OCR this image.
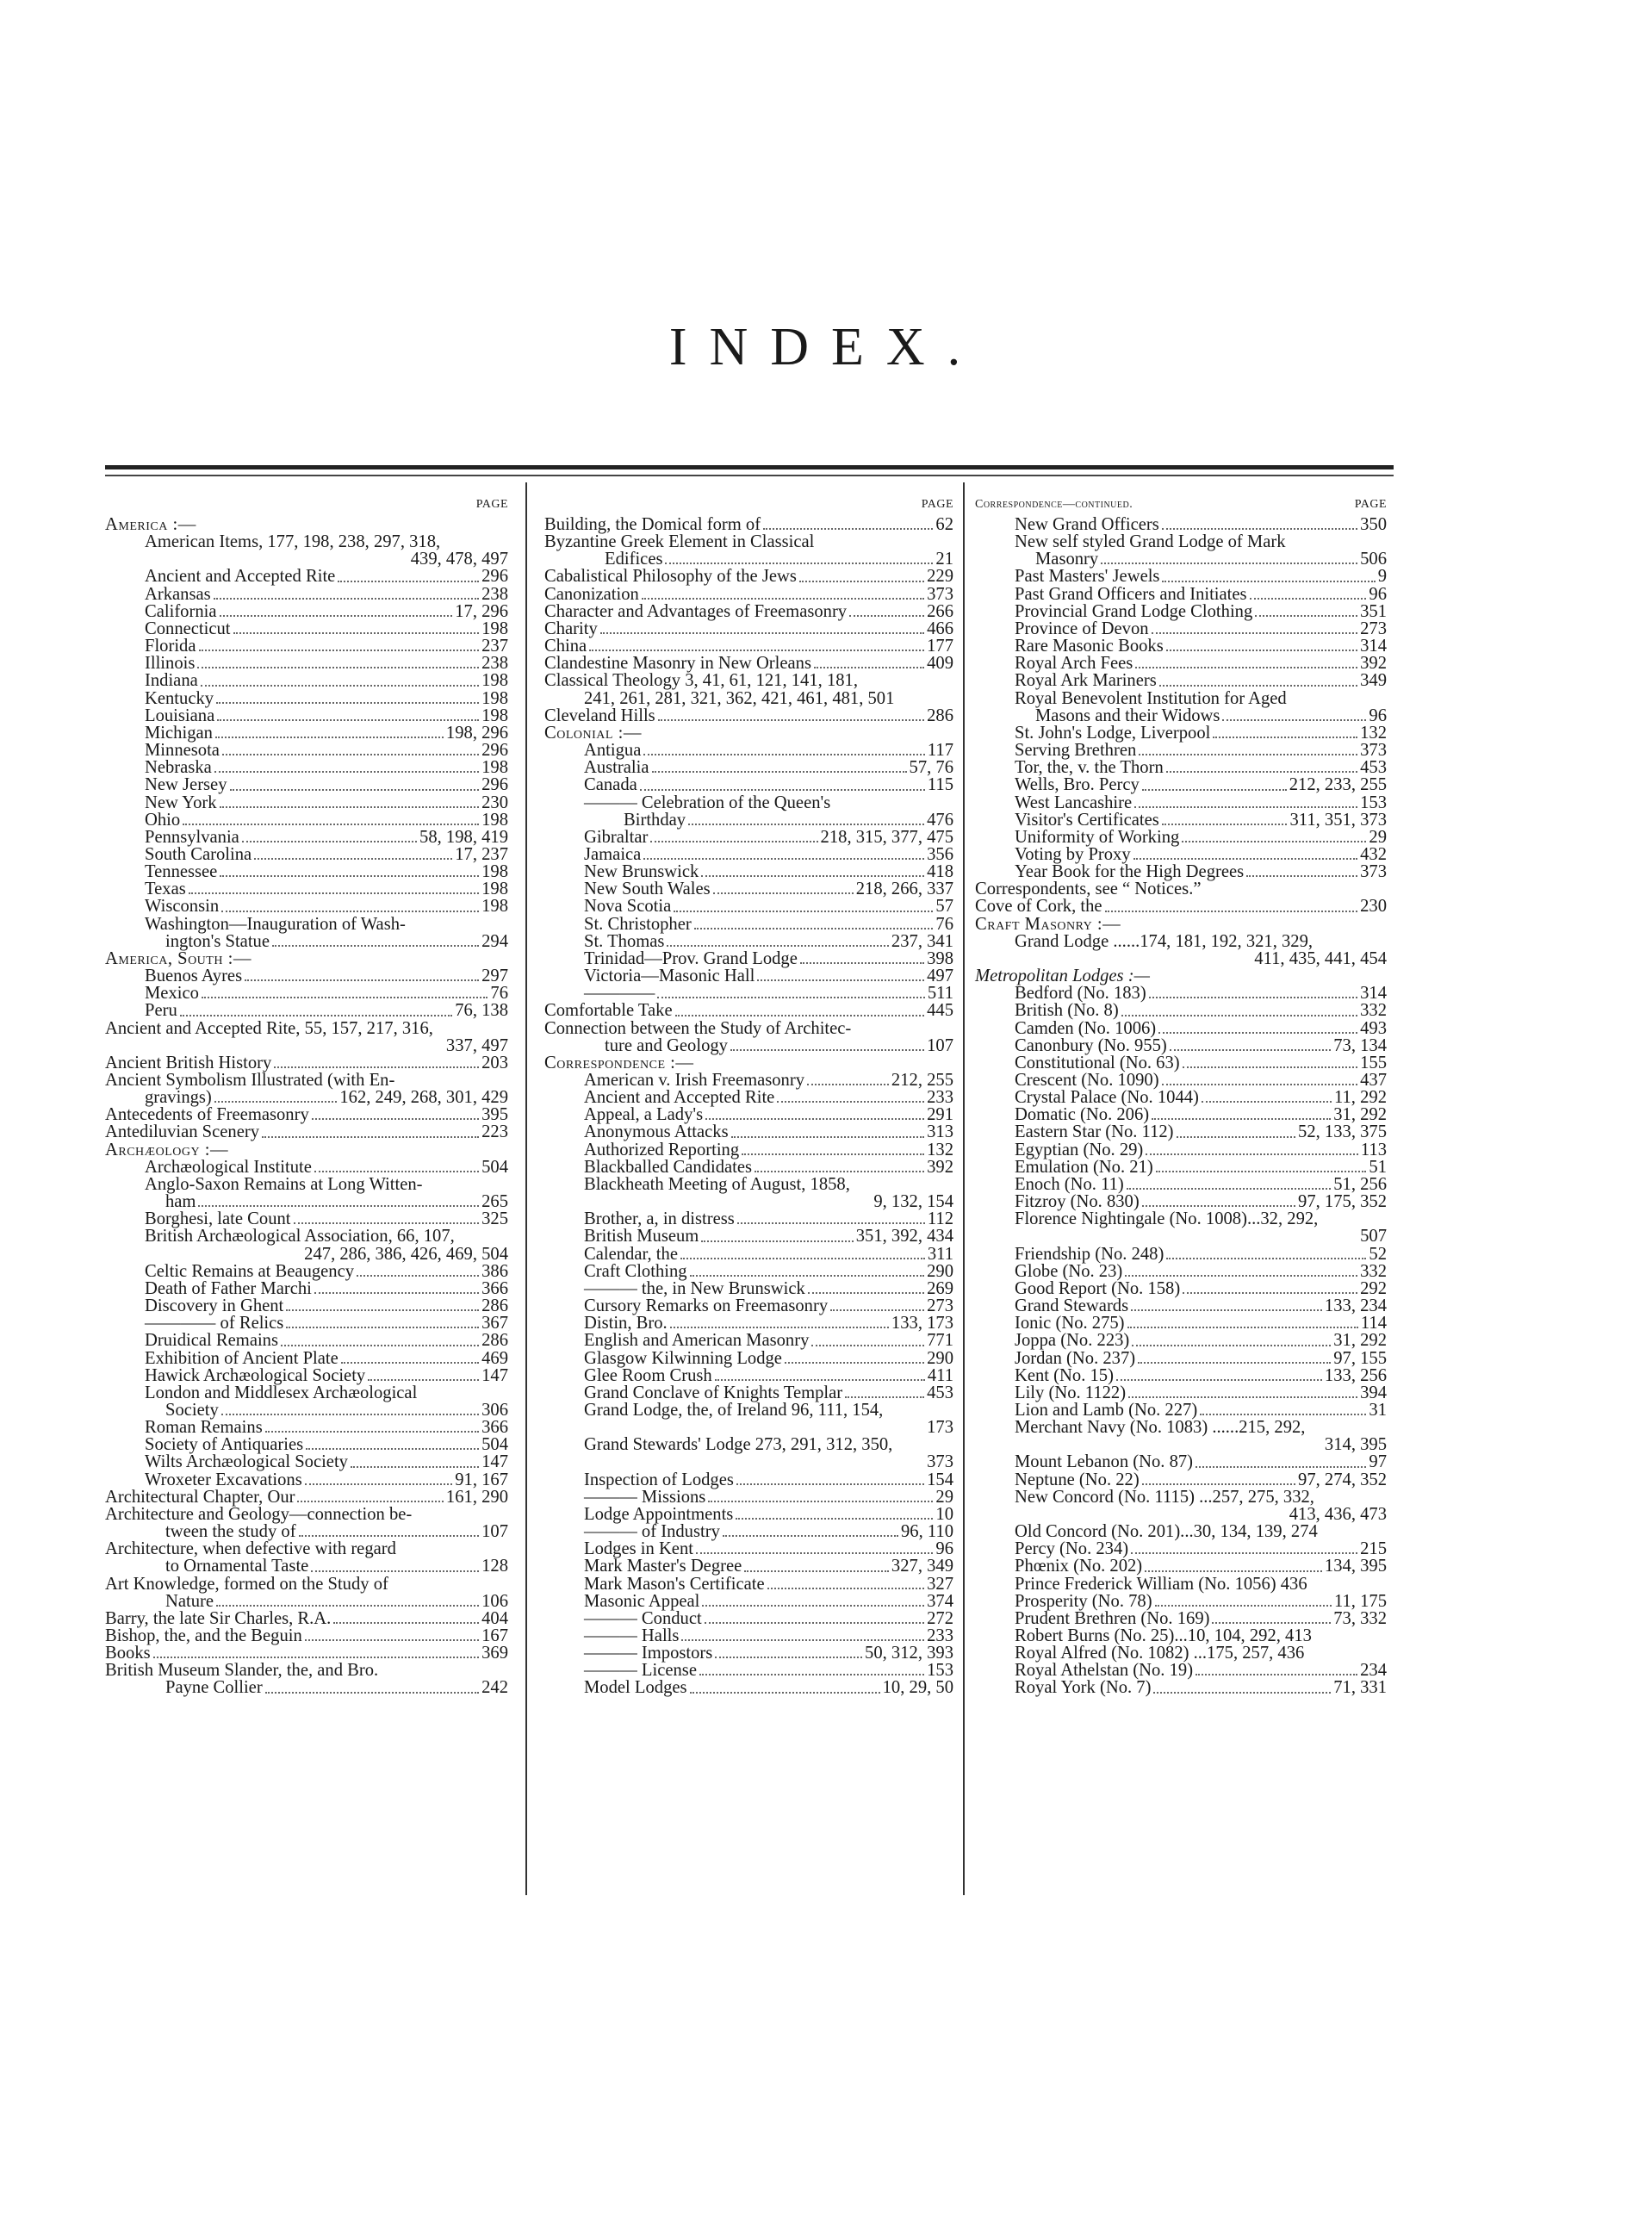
INDEX.
PAGE
America :—
American Items, 177, 198, 238, 297, 318,
439, 478, 497
Ancient and Accepted Rite	296
Arkansas	238
California	17, 296
Connecticut	198
Florida	237
Illinois	238
Indiana	198
Kentucky	198
Louisiana	198
Michigan	198, 296
Minnesota	296
Nebraska	198
New Jersey	296
New York	230
Ohio	198
Pennsylvania	58, 198, 419
South Carolina	17, 237
Tennessee	198
Texas	198
Wisconsin	198
Washington—Inauguration of Wash-
ington's Statue	294
America, South :—
Buenos Ayres	297
Mexico	76
Peru	76, 138
Ancient and Accepted Rite, 55, 157, 217, 316,
337, 497
Ancient British History	203
Ancient Symbolism Illustrated (with En-
gravings)	162, 249, 268, 301, 429
Antecedents of Freemasonry	395
Antediluvian Scenery	223
Archæology :—
Archæological Institute	504
Anglo-Saxon Remains at Long Witten-
ham	265
Borghesi, late Count	325
British Archæological Association, 66, 107,
247, 286, 386, 426, 469, 504
Celtic Remains at Beaugency	386
Death of Father Marchi	366
Discovery in Ghent	286
———— of Relics	367
Druidical Remains	286
Exhibition of Ancient Plate	469
Hawick Archæological Society	147
London and Middlesex Archæological
Society	306
Roman Remains	366
Society of Antiquaries	504
Wilts Archæological Society	147
Wroxeter Excavations	91, 167
Architectural Chapter, Our	161, 290
Architecture and Geology—connection be-
tween the study of	107
Architecture, when defective with regard
to Ornamental Taste	128
Art Knowledge, formed on the Study of
Nature	106
Barry, the late Sir Charles, R.A.	404
Bishop, the, and the Beguin	167
Books	369
British Museum Slander, the, and Bro.
Payne Collier	242
PAGE
Building, the Domical form of	62
Byzantine Greek Element in Classical
Edifices	21
Cabalistical Philosophy of the Jews	229
Canonization	373
Character and Advantages of Freemasonry	266
Charity	466
China	177
Clandestine Masonry in New Orleans	409
Classical Theology 3, 41, 61, 121, 141, 181,
241, 261, 281, 321, 362, 421, 461, 481, 501
Cleveland Hills	286
Colonial :—
Antigua	117
Australia	57, 76
Canada	115
——— Celebration of the Queen's
Birthday	476
Gibraltar	218, 315, 377, 475
Jamaica	356
New Brunswick	418
New South Wales	218, 266, 337
Nova Scotia	57
St. Christopher	76
St. Thomas	237, 341
Trinidad—Prov. Grand Lodge	398
Victoria—Masonic Hall	497
————	511
Comfortable Take	445
Connection between the Study of Architec-
ture and Geology	107
Correspondence :—
American v. Irish Freemasonry	212, 255
Ancient and Accepted Rite	233
Appeal, a Lady's	291
Anonymous Attacks	313
Authorized Reporting	132
Blackballed Candidates	392
Blackheath Meeting of August, 1858,
9, 132, 154
Brother, a, in distress	112
British Museum	351, 392, 434
Calendar, the	311
Craft Clothing	290
——— the, in New Brunswick	269
Cursory Remarks on Freemasonry	273
Distin, Bro.	133, 173
English and American Masonry	771
Glasgow Kilwinning Lodge	290
Glee Room Crush	411
Grand Conclave of Knights Templar	453
Grand Lodge, the, of Ireland 96, 111, 154,
173
Grand Stewards' Lodge 273, 291, 312, 350,
373
Inspection of Lodges	154
——— Missions	29
Lodge Appointments	10
——— of Industry	96, 110
Lodges in Kent	96
Mark Master's Degree	327, 349
Mark Mason's Certificate	327
Masonic Appeal	374
——— Conduct	272
——— Halls	233
——— Impostors	50, 312, 393
——— License	153
Model Lodges	10, 29, 50
Correspondence—continued.	PAGE
New Grand Officers	350
New self styled Grand Lodge of Mark
Masonry	506
Past Masters' Jewels	9
Past Grand Officers and Initiates	96
Provincial Grand Lodge Clothing	351
Province of Devon	273
Rare Masonic Books	314
Royal Arch Fees	392
Royal Ark Mariners	349
Royal Benevolent Institution for Aged
Masons and their Widows	96
St. John's Lodge, Liverpool	132
Serving Brethren	373
Tor, the, v. the Thorn	453
Wells, Bro. Percy	212, 233, 255
West Lancashire	153
Visitor's Certificates	311, 351, 373
Uniformity of Working	29
Voting by Proxy	432
Year Book for the High Degrees	373
Correspondents, see “ Notices.”
Cove of Cork, the	230
Craft Masonry :—
Grand Lodge ......174, 181, 192, 321, 329,
411, 435, 441, 454
Metropolitan Lodges :—
Bedford (No. 183)	314
British (No. 8)	332
Camden (No. 1006)	493
Canonbury (No. 955)	73, 134
Constitutional (No. 63)	155
Crescent (No. 1090)	437
Crystal Palace (No. 1044)	11, 292
Domatic (No. 206)	31, 292
Eastern Star (No. 112)	52, 133, 375
Egyptian (No. 29)	113
Emulation (No. 21)	51
Enoch (No. 11)	51, 256
Fitzroy (No. 830)	97, 175, 352
Florence Nightingale (No. 1008)...32, 292,
507
Friendship (No. 248)	52
Globe (No. 23)	332
Good Report (No. 158)	292
Grand Stewards	133, 234
Ionic (No. 275)	114
Joppa (No. 223)	31, 292
Jordan (No. 237)	97, 155
Kent (No. 15)	133, 256
Lily (No. 1122)	394
Lion and Lamb (No. 227)	31
Merchant Navy (No. 1083) ......215, 292,
314, 395
Mount Lebanon (No. 87)	97
Neptune (No. 22)	97, 274, 352
New Concord (No. 1115) ...257, 275, 332,
413, 436, 473
Old Concord (No. 201)...30, 134, 139, 274
Percy (No. 234)	215
Phœnix (No. 202)	134, 395
Prince Frederick William (No. 1056) 436
Prosperity (No. 78)	11, 175
Prudent Brethren (No. 169)	73, 332
Robert Burns (No. 25)...10, 104, 292, 413
Royal Alfred (No. 1082) ...175, 257, 436
Royal Athelstan (No. 19)	234
Royal York (No. 7)	71, 331
